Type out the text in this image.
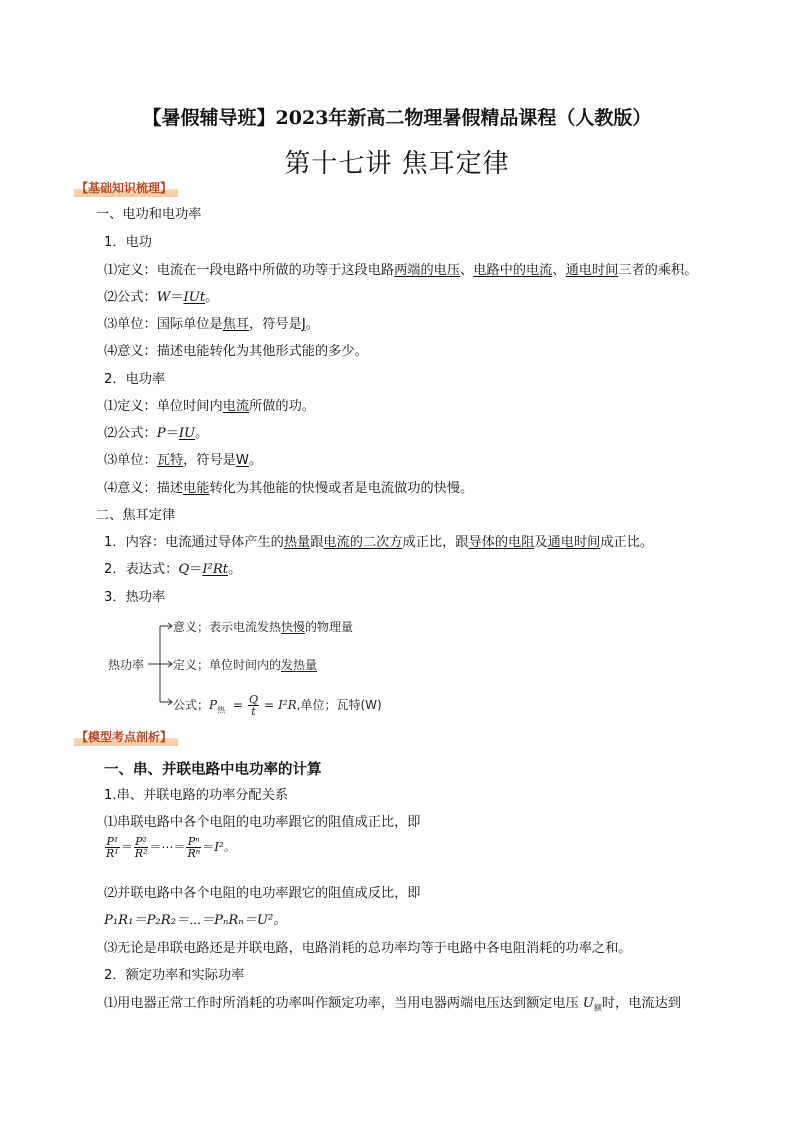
【暑假辅导班】2023年新高二物理暑假精品课程（人教版）
第十七讲 焦耳定律
【基础知识梳理】
一、电功和电功率
1．电功
⑴定义：电流在一段电路中所做的功等于这段电路两端的电压、电路中的电流、通电时间三者的乘积。
⑵公式：W＝IUt。
⑶单位：国际单位是焦耳，符号是J。
⑷意义：描述电能转化为其他形式能的多少。
2．电功率
⑴定义：单位时间内电流所做的功。
⑵公式：P＝IU。
⑶单位：瓦特，符号是W。
⑷意义：描述电能转化为其他能的快慢或者是电流做功的快慢。
二、焦耳定律
1．内容：电流通过导体产生的热量跟电流的二次方成正比，跟导体的电阻及通电时间成正比。
2．表达式：Q＝I²Rt。
3．热功率
热功率
意义；表示电流发热快慢的物理量
定义；单位时间内的发热量
公式；$P_热 = \frac{Q}{t} = I^2R$,单位；瓦特(W)
【模型考点剖析】
一、串、并联电路中电功率的计算
1.串、并联电路的功率分配关系
⑴串联电路中各个电阻的电功率跟它的阻值成正比，即
$\frac{\text{P¹}}{\text{R¹}} = \frac{\text{P²}}{\text{R²}}$ ＝⋯＝ $\frac{\text{Pⁿ}}{\text{Rⁿ}} =I^2$。
⑵并联电路中各个电阻的电功率跟它的阻值成反比，即
P₁R₁＝P₂R₂＝⋯＝PₙRₙ＝U²。
⑶无论是串联电路还是并联电路，电路消耗的总功率均等于电路中各电阻消耗的功率之和。
2．额定功率和实际功率
⑴用电器正常工作时所消耗的功率叫作额定功率，当用电器两端电压达到额定电压 $U_额$时，电流达到
